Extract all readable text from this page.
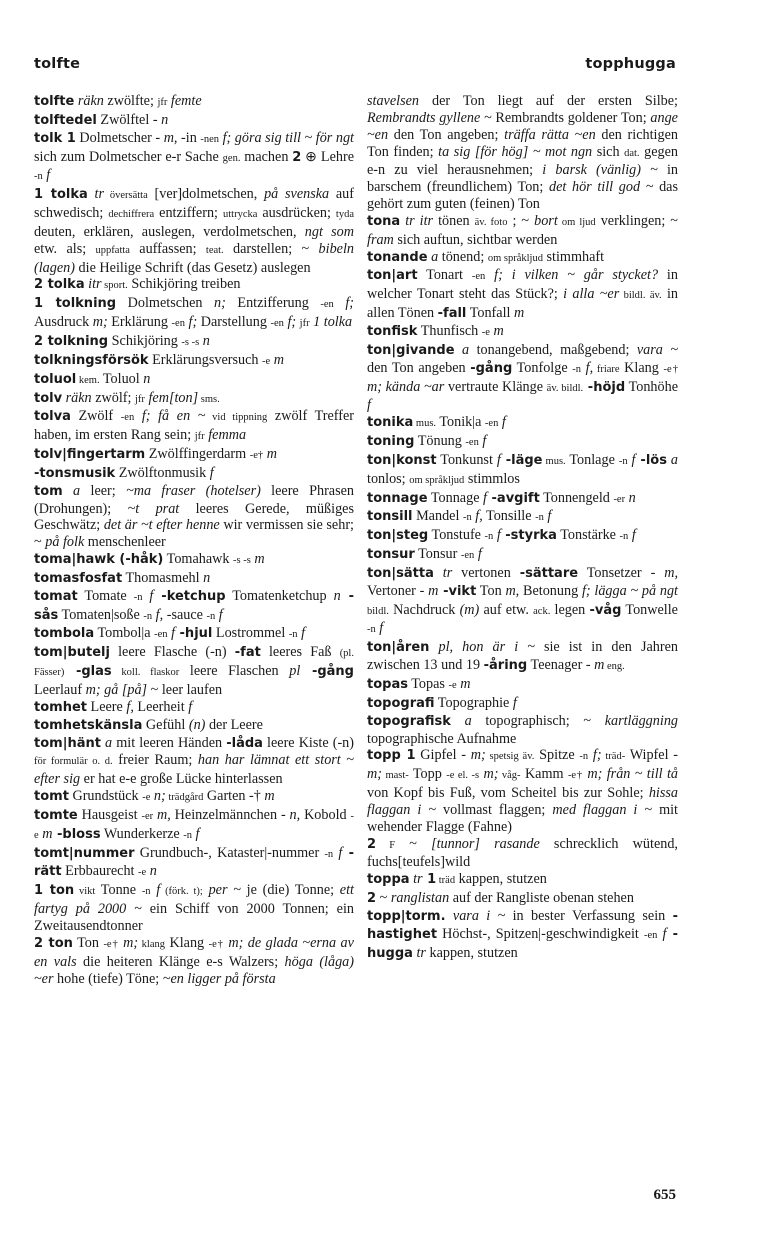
tolfte	topphugga

tolfte räkn zwölfte; jfr femte

tolftedel Zwölftel - n

tolk 1 Dolmetscher - m, -in -nen f; göra sig till ~ för ngt sich zum Dolmetscher e-r Sache gen. machen 2 ⊕ Lehre -n f

1 tolka tr översätta [ver]dolmetschen, på svenska auf schwedisch; dechiffrera entziffern; uttrycka ausdrücken; tyda deuten, erklären, auslegen, verdolmetschen, ngt som etw. als; uppfatta auffassen; teat. darstellen; ~ bibeln (lagen) die Heilige Schrift (das Gesetz) auslegen

2 tolka itr sport. Schikjöring treiben

1 tolkning Dolmetschen n; Entzifferung -en f; Ausdruck m; Erklärung -en f; Darstellung -en f; jfr 1 tolka

2 tolkning Schikjöring -s -s n

tolkningsförsök Erklärungsversuch -e m

toluol kem. Toluol n

tolv räkn zwölf; jfr fem[ton] sms.

tolva Zwölf -en f; få en ~ vid tippning zwölf Treffer haben, im ersten Rang sein; jfr femma

tolv|fingertarm Zwölffingerdarm -e† m

-tonsmusik Zwölftonmusik f

tom a leer; ~ma fraser (hotelser) leere Phrasen (Drohungen); ~t prat leeres Gerede, müßiges Geschwätz; det är ~t efter henne wir vermissen sie sehr; ~ på folk menschenleer

toma|hawk (-håk) Tomahawk -s -s m

tomasfosfat Thomasmehl n

tomat Tomate -n f -ketchup Tomatenketchup n -sås Tomaten|soße -n f, -sauce -n f

tombola Tombol|a -en f -hjul Lostrommel -n f

tom|butelj leere Flasche (-n) -fat leeres Faß (pl. Fässer) -glas koll. flaskor leere Flaschen pl -gång Leerlauf m; gå [på] ~ leer laufen

tomhet Leere f, Leerheit f

tomhetskänsla Gefühl (n) der Leere

tom|hänt a mit leeren Händen -låda leere Kiste (-n) för formulär o. d. freier Raum; han har lämnat ett stort ~ efter sig er hat e-e große Lücke hinterlassen

tomt Grundstück -e n; trädgård Garten -† m

tomte Hausgeist -er m, Heinzelmännchen - n, Kobold -e m -bloss Wunderkerze -n f

tomt|nummer Grundbuch-, Kataster|-nummer -n f -rätt Erbbaurecht -e n

1 ton vikt Tonne -n f (förk. t); per ~ je (die) Tonne; ett fartyg på 2000 ~ ein Schiff von 2000 Tonnen; ein Zweitausendtonner

2 ton Ton -e† m; klang Klang -e† m; de glada ~erna av en vals die heiteren Klänge e-s Walzers; höga (låga) ~er hohe (tiefe) Töne; ~en ligger på första

stavelsen der Ton liegt auf der ersten Silbe; Rembrandts gyllene ~ Rembrandts goldener Ton; ange ~en den Ton angeben; träffa rätta ~en den richtigen Ton finden; ta sig [för hög] ~ mot ngn sich dat. gegen e-n zu viel herausnehmen; i barsk (vänlig) ~ in barschem (freundlichem) Ton; det hör till god ~ das gehört zum guten (feinen) Ton

tona tr itr tönen äv. foto ; ~ bort om ljud verklingen; ~ fram sich auftun, sichtbar werden

tonande a tönend; om språkljud stimmhaft

ton|art Tonart -en f; i vilken ~ går stycket? in welcher Tonart steht das Stück?; i alla ~er bildl. äv. in allen Tönen -fall Tonfall m

tonfisk Thunfisch -e m

ton|givande a tonangebend, maßgebend; vara ~ den Ton angeben -gång Tonfolge -n f, friare Klang -e† m; kända ~ar vertraute Klänge äv. bildl. -höjd Tonhöhe f

tonika mus. Tonik|a -en f

toning Tönung -en f

ton|konst Tonkunst f -läge mus. Tonlage -n f -lös a tonlos; om språkljud stimmlos

tonnage Tonnage f -avgift Tonnengeld -er n

tonsill Mandel -n f, Tonsille -n f

ton|steg Tonstufe -n f -styrka Tonstärke -n f

tonsur Tonsur -en f

ton|sätta tr vertonen -sättare Tonsetzer - m, Vertoner - m -vikt Ton m, Betonung f; lägga ~ på ngt bildl. Nachdruck (m) auf etw. ack. legen -våg Tonwelle -n f

ton|åren pl, hon är i ~ sie ist in den Jahren zwischen 13 und 19 -åring Teenager - m eng.

topas Topas -e m

topografi Topographie f

topografisk a topographisch; ~ kartläggning topographische Aufnahme

topp 1 Gipfel - m; spetsig äv. Spitze -n f; träd- Wipfel - m; mast- Topp -e el. -s m; våg- Kamm -e† m; från ~ till tå von Kopf bis Fuß, vom Scheitel bis zur Sohle; hissa flaggan i ~ vollmast flaggen; med flaggan i ~ mit wehender Flagge (Fahne)

2 F ~ [tunnor] rasande schrecklich wütend, fuchs[teufels]wild

toppa tr 1 träd kappen, stutzen

2 ~ ranglistan auf der Rangliste obenan stehen

topp|torm. vara i ~ in bester Verfassung sein -hastighet Höchst-, Spitzen|-geschwindigkeit -en f -hugga tr kappen, stutzen

655
